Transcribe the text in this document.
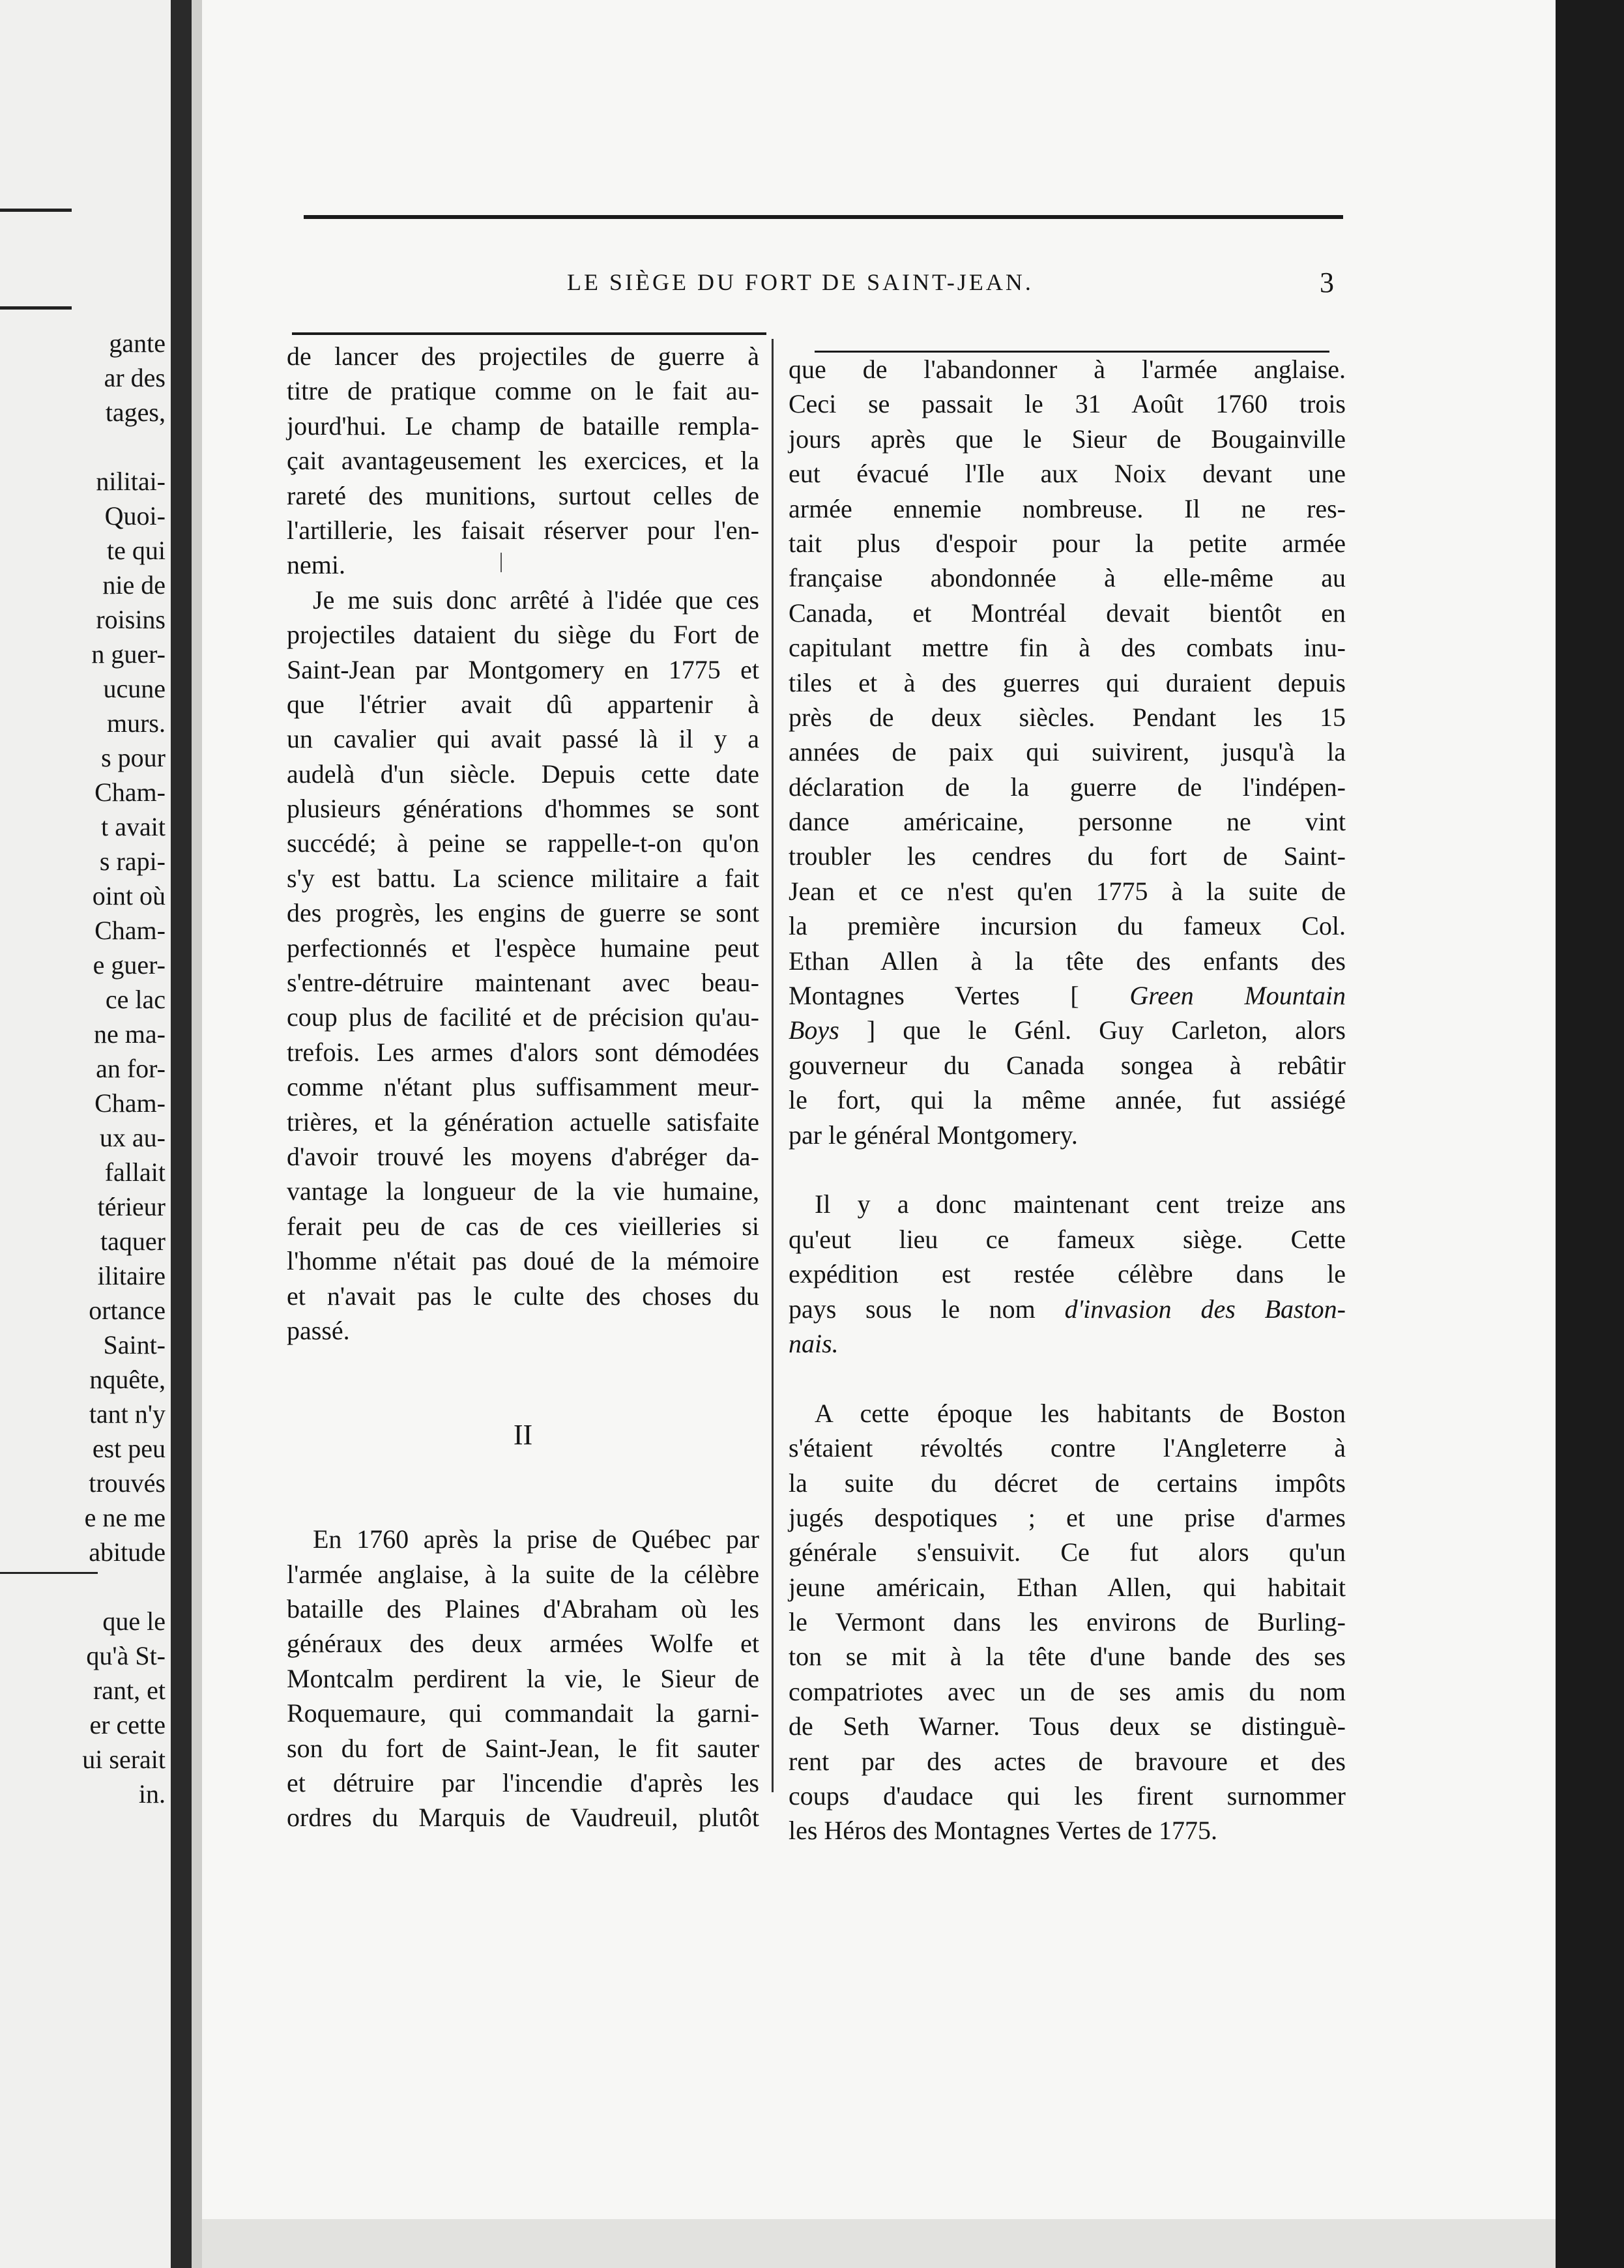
gante
ar des
tages,
nilitai-
Quoi-
te qui
nie de
roisins
n guer-
ucune
murs.
s pour
Cham-
t avait
s rapi-
oint où
Cham-
e guer-
ce lac
ne ma-
an for-
Cham-
ux au-
fallait
térieur
taquer
ilitaire
ortance
Saint-
nquête,
tant n'y
est peu
trouvés
e ne me
abitude
que le
qu'à St-
rant, et
er cette
ui serait
in.
LE SIÈGE DU FORT DE SAINT-JEAN.	3
de lancer des projectiles de guerre à
titre de pratique comme on le fait au-
jourd'hui. Le champ de bataille rempla-
çait avantageusement les exercices, et la
rareté des munitions, surtout celles de
l'artillerie, les faisait réserver pour l'en-
nemi.
Je me suis donc arrêté à l'idée que ces
projectiles dataient du siège du Fort de
Saint-Jean par Montgomery en 1775 et
que l'étrier avait dû appartenir à
un cavalier qui avait passé là il y a
audelà d'un siècle. Depuis cette date
plusieurs générations d'hommes se sont
succédé; à peine se rappelle-t-on qu'on
s'y est battu. La science militaire a fait
des progrès, les engins de guerre se sont
perfectionnés et l'espèce humaine peut
s'entre-détruire maintenant avec beau-
coup plus de facilité et de précision qu'au-
trefois. Les armes d'alors sont démodées
comme n'étant plus suffisamment meur-
trières, et la génération actuelle satisfaite
d'avoir trouvé les moyens d'abréger da-
vantage la longueur de la vie humaine,
ferait peu de cas de ces vieilleries si
l'homme n'était pas doué de la mémoire
et n'avait pas le culte des choses du
passé.
II
En 1760 après la prise de Québec par
l'armée anglaise, à la suite de la célèbre
bataille des Plaines d'Abraham où les
généraux des deux armées Wolfe et
Montcalm perdirent la vie, le Sieur de
Roquemaure, qui commandait la garni-
son du fort de Saint-Jean, le fit sauter
et détruire par l'incendie d'après les
ordres du Marquis de Vaudreuil, plutôt
que de l'abandonner à l'armée anglaise.
Ceci se passait le 31 Août 1760 trois
jours après que le Sieur de Bougainville
eut évacué l'Ile aux Noix devant une
armée ennemie nombreuse. Il ne res-
tait plus d'espoir pour la petite armée
française abondonnée à elle-même au
Canada, et Montréal devait bientôt en
capitulant mettre fin à des combats inu-
tiles et à des guerres qui duraient depuis
près de deux siècles. Pendant les 15
années de paix qui suivirent, jusqu'à la
déclaration de la guerre de l'indépen-
dance américaine, personne ne vint
troubler les cendres du fort de Saint-
Jean et ce n'est qu'en 1775 à la suite de
la première incursion du fameux Col.
Ethan Allen à la tête des enfants des
Montagnes Vertes [ Green Mountain
Boys ] que le Génl. Guy Carleton, alors
gouverneur du Canada songea à rebâtir
le fort, qui la même année, fut assiégé
par le général Montgomery.
Il y a donc maintenant cent treize ans
qu'eut lieu ce fameux siège. Cette
expédition est restée célèbre dans le
pays sous le nom d'invasion des Baston-
nais.
A cette époque les habitants de Boston
s'étaient révoltés contre l'Angleterre à
la suite du décret de certains impôts
jugés despotiques ; et une prise d'armes
générale s'ensuivit. Ce fut alors qu'un
jeune américain, Ethan Allen, qui habitait
le Vermont dans les environs de Burling-
ton se mit à la tête d'une bande des ses
compatriotes avec un de ses amis du nom
de Seth Warner. Tous deux se distinguè-
rent par des actes de bravoure et des
coups d'audace qui les firent surnommer
les Héros des Montagnes Vertes de 1775.
